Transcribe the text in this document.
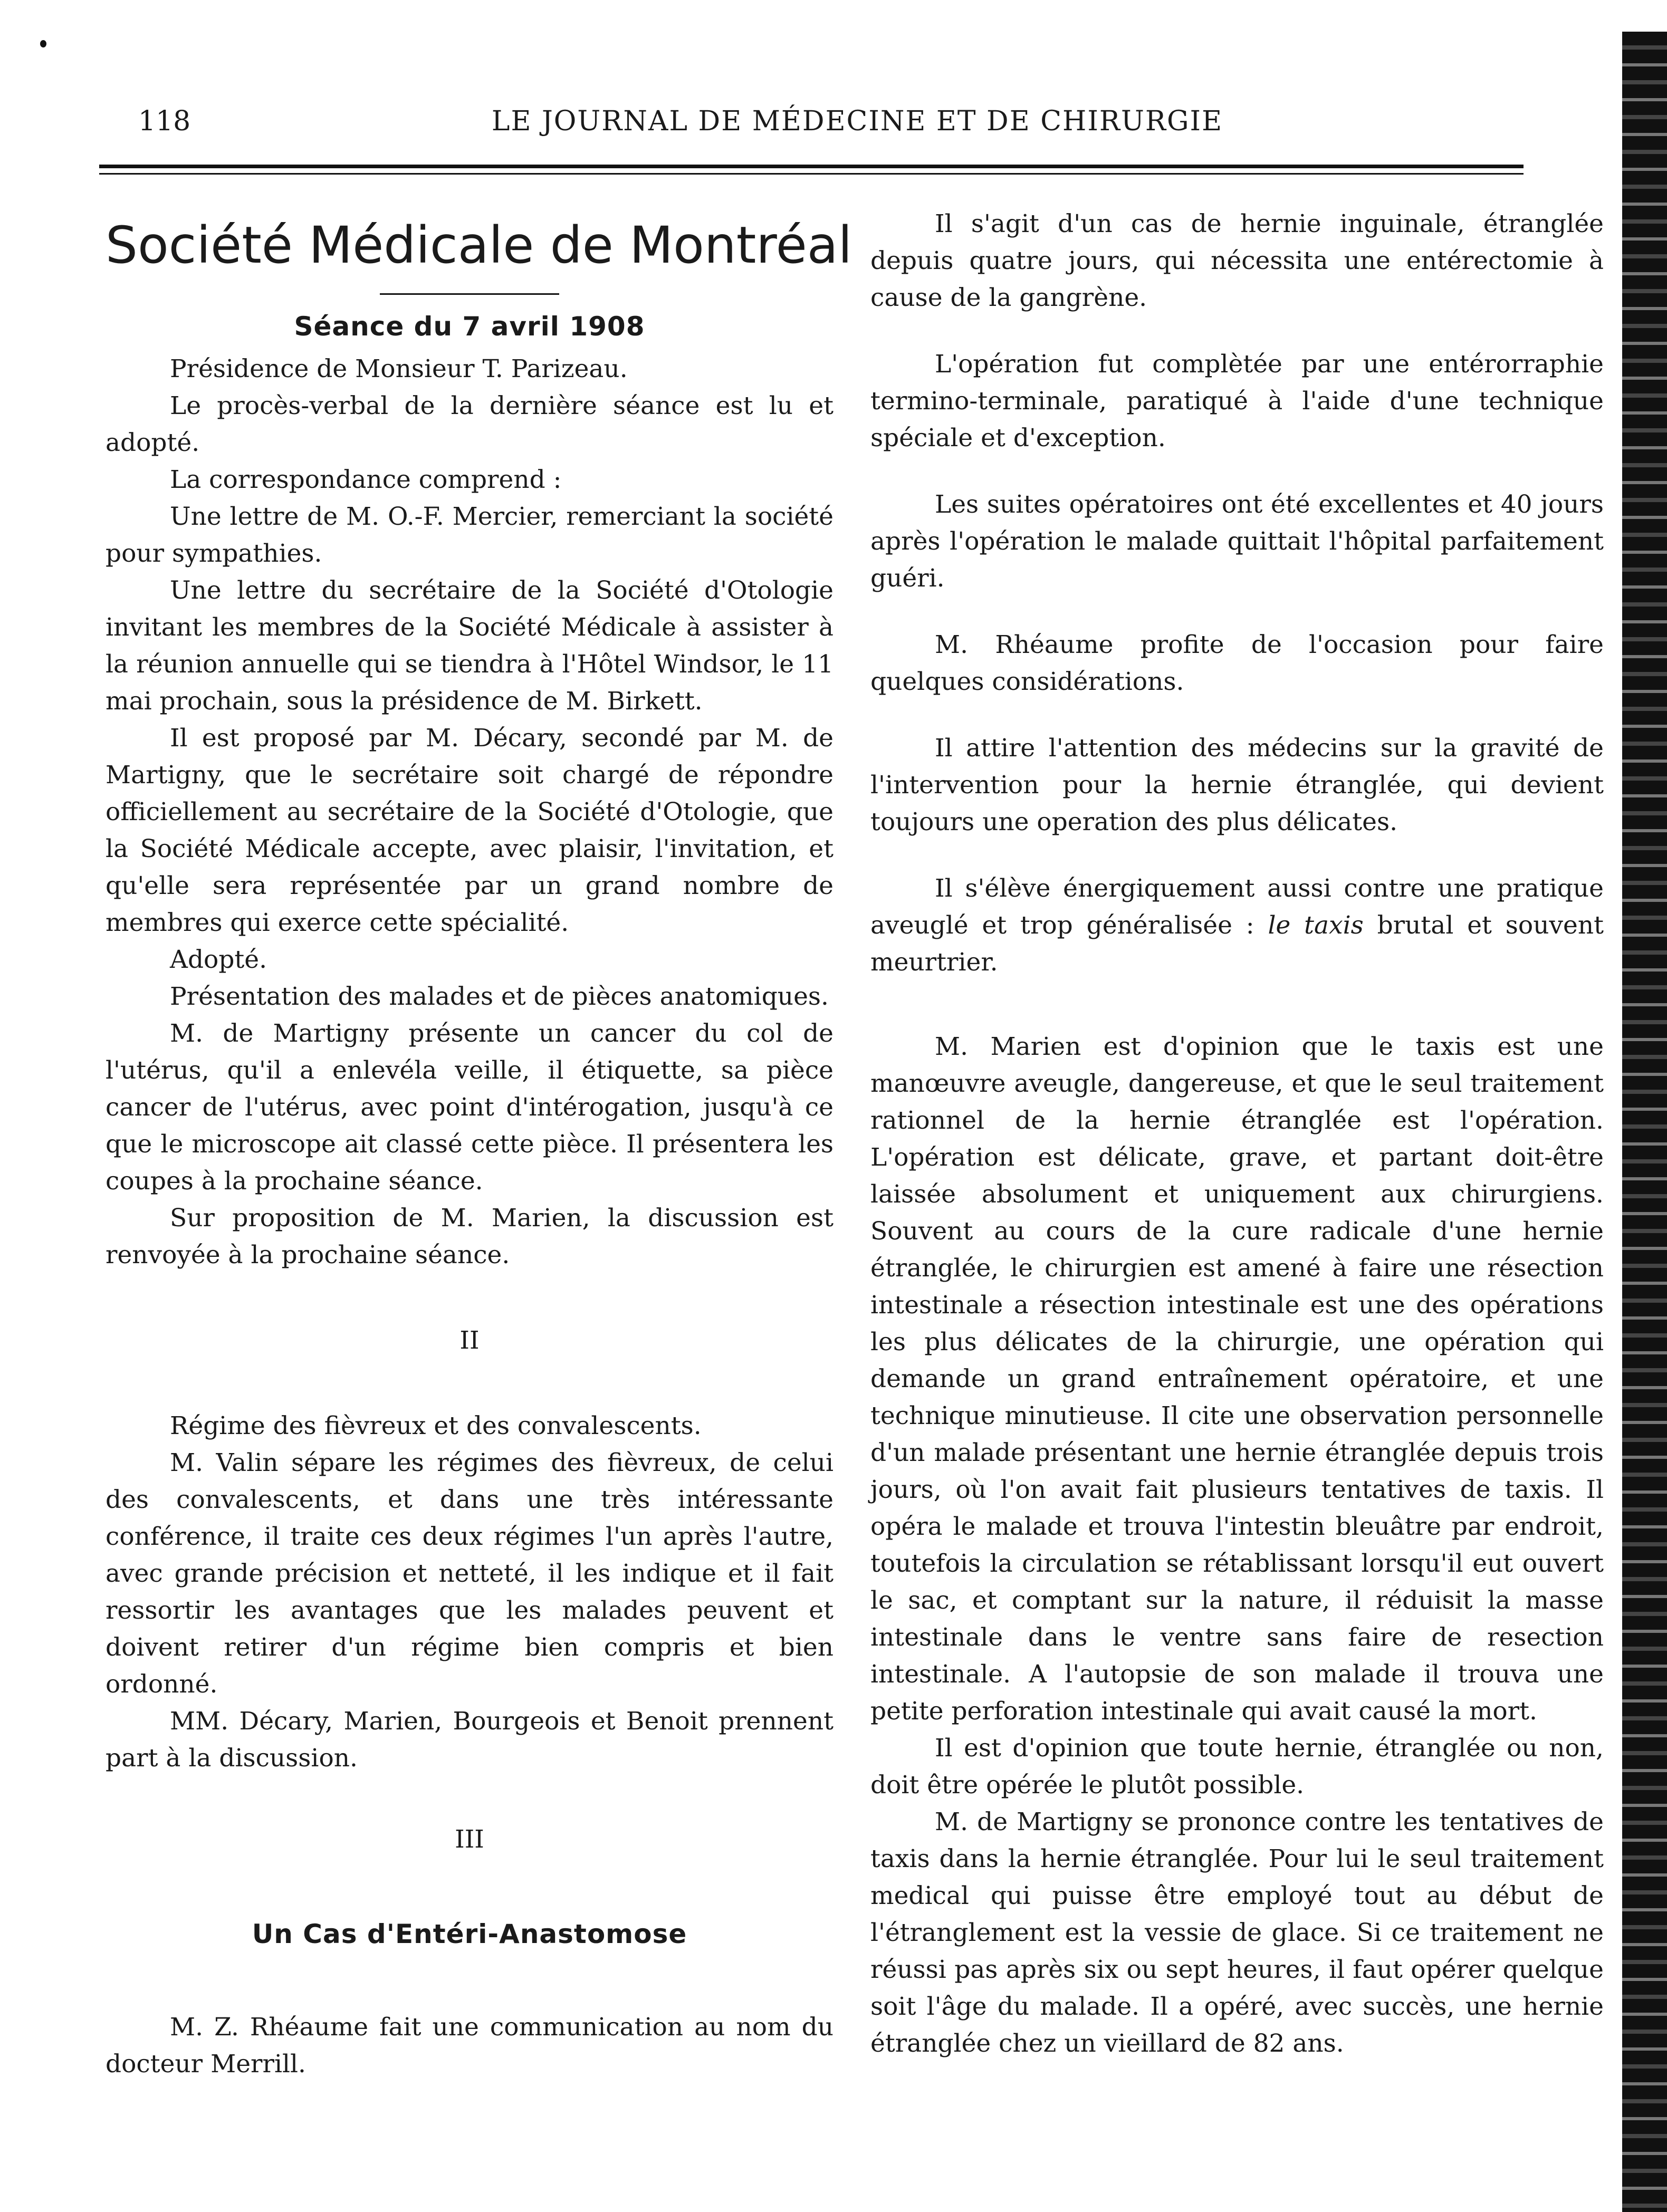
118	LE JOURNAL DE MÉDECINE ET DE CHIRURGIE
Société Médicale de Montréal
Séance du 7 avril 1908

Présidence de Monsieur T. Parizeau.

Le procès-verbal de la dernière séance est lu et adopté.

La correspondance comprend :

Une lettre de M. O.-F. Mercier, remerciant la société pour sympathies.

Une lettre du secrétaire de la Société d'Otologie invitant les membres de la Société Médicale à assister à la réunion annuelle qui se tiendra à l'Hôtel Windsor, le 11 mai prochain, sous la présidence de M. Birkett.

Il est proposé par M. Décary, secondé par M. de Martigny, que le secrétaire soit chargé de répondre officiellement au secrétaire de la Société d'Otologie, que la Société Médicale accepte, avec plaisir, l'invitation, et qu'elle sera représentée par un grand nombre de membres qui exerce cette spécialité.

Adopté.

Présentation des malades et de pièces anatomiques.

M. de Martigny présente un cancer du col de l'utérus, qu'il a enlevéla veille, il étiquette, sa pièce cancer de l'utérus, avec point d'intérogation, jusqu'à ce que le microscope ait classé cette pièce. Il présentera les coupes à la prochaine séance.

Sur proposition de M. Marien, la discussion est renvoyée à la prochaine séance.

II

Régime des fièvreux et des convalescents.

M. Valin sépare les régimes des fièvreux, de celui des convalescents, et dans une très intéressante conférence, il traite ces deux régimes l'un après l'autre, avec grande précision et netteté, il les indique et il fait ressortir les avantages que les malades peuvent et doivent retirer d'un régime bien compris et bien ordonné.

MM. Décary, Marien, Bourgeois et Benoit prennent part à la discussion.

III

Un Cas d'Entéri-Anastomose

M. Z. Rhéaume fait une communication au nom du docteur Merrill.

Il s'agit d'un cas de hernie inguinale, étranglée depuis quatre jours, qui nécessita une entérectomie à cause de la gangrène.

L'opération fut complètée par une entérorraphie termino-terminale, paratiqué à l'aide d'une technique spéciale et d'exception.

Les suites opératoires ont été excellentes et 40 jours après l'opération le malade quittait l'hôpital parfaitement guéri.

M. Rhéaume profite de l'occasion pour faire quelques considérations.

Il attire l'attention des médecins sur la gravité de l'intervention pour la hernie étranglée, qui devient toujours une operation des plus délicates.

Il s'élève énergiquement aussi contre une pratique aveuglé et trop généralisée : le taxis brutal et souvent meurtrier.

M. Marien est d'opinion que le taxis est une manœuvre aveugle, dangereuse, et que le seul traitement rationnel de la hernie étranglée est l'opération. L'opération est délicate, grave, et partant doit-être laissée absolument et uniquement aux chirurgiens. Souvent au cours de la cure radicale d'une hernie étranglée, le chirurgien est amené à faire une résection intestinale a résection intestinale est une des opérations les plus délicates de la chirurgie, une opération qui demande un grand entraînement opératoire, et une technique minutieuse. Il cite une observation personnelle d'un malade présentant une hernie étranglée depuis trois jours, où l'on avait fait plusieurs tentatives de taxis. Il opéra le malade et trouva l'intestin bleuâtre par endroit, toutefois la circulation se rétablissant lorsqu'il eut ouvert le sac, et comptant sur la nature, il réduisit la masse intestinale dans le ventre sans faire de resection intestinale. A l'autopsie de son malade il trouva une petite perforation intestinale qui avait causé la mort.

Il est d'opinion que toute hernie, étranglée ou non, doit être opérée le plutôt possible.

M. de Martigny se prononce contre les tentatives de taxis dans la hernie étranglée. Pour lui le seul traitement medical qui puisse être employé tout au début de l'étranglement est la vessie de glace. Si ce traitement ne réussi pas après six ou sept heures, il faut opérer quelque soit l'âge du malade. Il a opéré, avec succès, une hernie étranglée chez un vieillard de 82 ans.
